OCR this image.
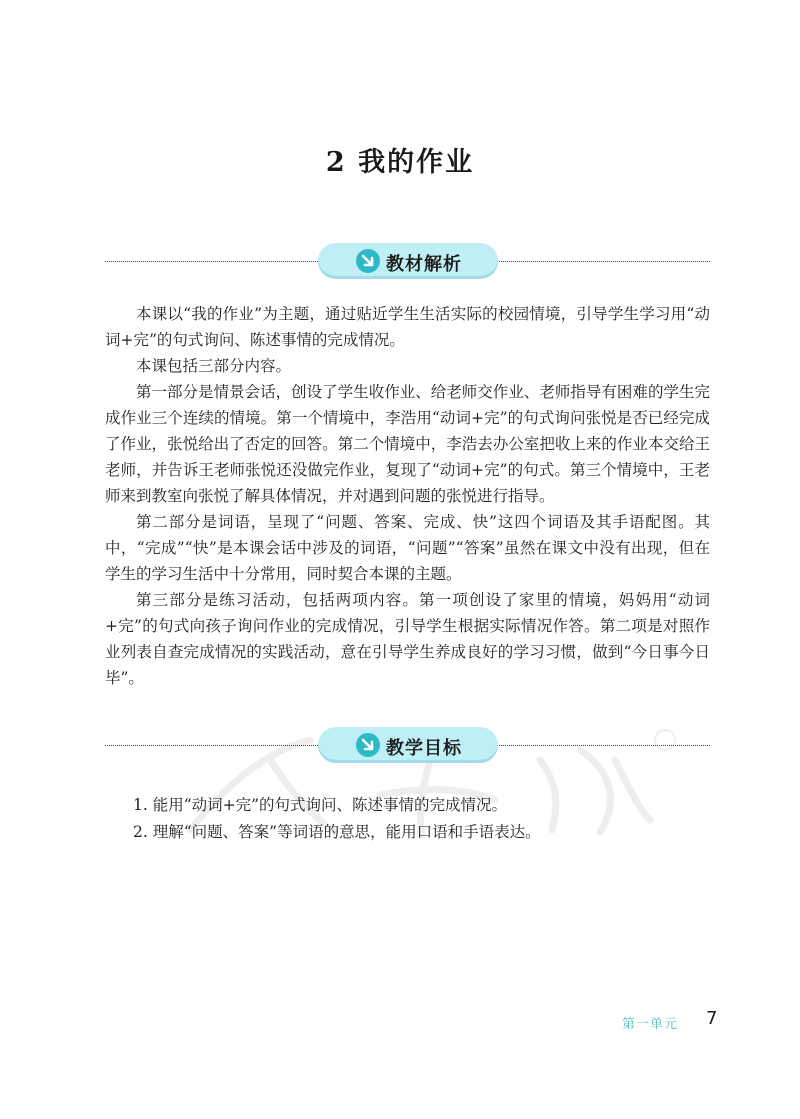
2 我的作业
教材解析

本课以“我的作业”为主题，通过贴近学生生活实际的校园情境，引导学生学习用“动词+完”的句式询问、陈述事情的完成情况。

本课包括三部分内容。

第一部分是情景会话，创设了学生收作业、给老师交作业、老师指导有困难的学生完成作业三个连续的情境。第一个情境中，李浩用“动词+完”的句式询问张悦是否已经完成了作业，张悦给出了否定的回答。第二个情境中，李浩去办公室把收上来的作业本交给王老师，并告诉王老师张悦还没做完作业，复现了“动词+完”的句式。第三个情境中，王老师来到教室向张悦了解具体情况，并对遇到问题的张悦进行指导。

第二部分是词语，呈现了“问题、答案、完成、快”这四个词语及其手语配图。其中，“完成”“快”是本课会话中涉及的词语，“问题”“答案”虽然在课文中没有出现，但在学生的学习生活中十分常用，同时契合本课的主题。

第三部分是练习活动，包括两项内容。第一项创设了家里的情境，妈妈用“动词+完”的句式向孩子询问作业的完成情况，引导学生根据实际情况作答。第二项是对照作业列表自查完成情况的实践活动，意在引导学生养成良好的学习习惯，做到“今日事今日毕”。

教学目标
1. 能用“动词+完”的句式询问、陈述事情的完成情况。
2. 理解“问题、答案”等词语的意思，能用口语和手语表达。
第一单元 7
